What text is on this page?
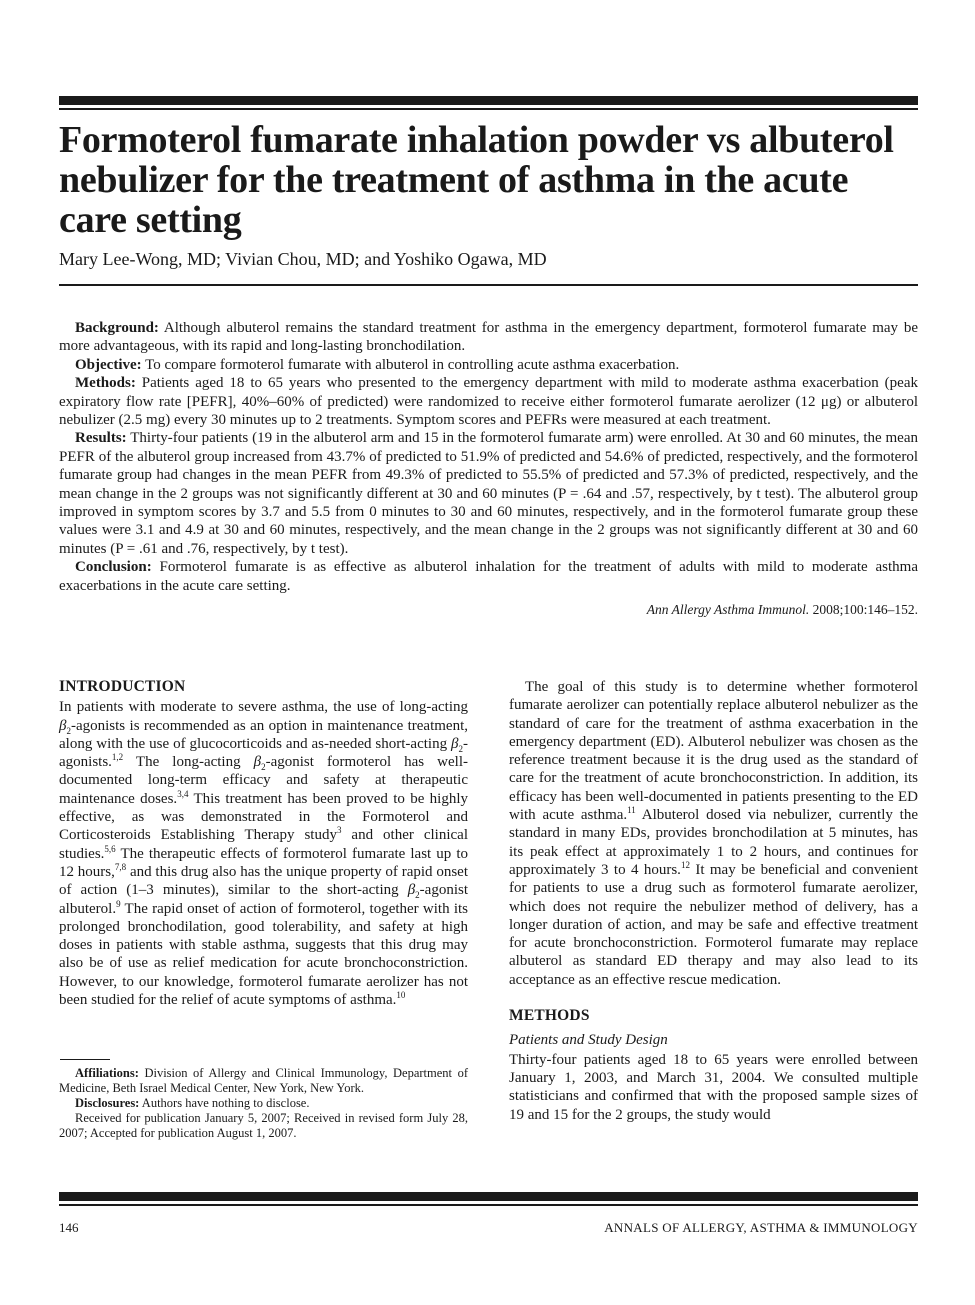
Formoterol fumarate inhalation powder vs albuterol nebulizer for the treatment of asthma in the acute care setting
Mary Lee-Wong, MD; Vivian Chou, MD; and Yoshiko Ogawa, MD

Background: Although albuterol remains the standard treatment for asthma in the emergency department, formoterol fumarate may be more advantageous, with its rapid and long-lasting bronchodilation.

Objective: To compare formoterol fumarate with albuterol in controlling acute asthma exacerbation.

Methods: Patients aged 18 to 65 years who presented to the emergency department with mild to moderate asthma exacerbation (peak expiratory flow rate [PEFR], 40%–60% of predicted) were randomized to receive either formoterol fumarate aerolizer (12 μg) or albuterol nebulizer (2.5 mg) every 30 minutes up to 2 treatments. Symptom scores and PEFRs were measured at each treatment.

Results: Thirty-four patients (19 in the albuterol arm and 15 in the formoterol fumarate arm) were enrolled. At 30 and 60 minutes, the mean PEFR of the albuterol group increased from 43.7% of predicted to 51.9% of predicted and 54.6% of predicted, respectively, and the formoterol fumarate group had changes in the mean PEFR from 49.3% of predicted to 55.5% of predicted and 57.3% of predicted, respectively, and the mean change in the 2 groups was not significantly different at 30 and 60 minutes (P = .64 and .57, respectively, by t test). The albuterol group improved in symptom scores by 3.7 and 5.5 from 0 minutes to 30 and 60 minutes, respectively, and in the formoterol fumarate group these values were 3.1 and 4.9 at 30 and 60 minutes, respectively, and the mean change in the 2 groups was not significantly different at 30 and 60 minutes (P = .61 and .76, respectively, by t test).

Conclusion: Formoterol fumarate is as effective as albuterol inhalation for the treatment of adults with mild to moderate asthma exacerbations in the acute care setting.

Ann Allergy Asthma Immunol. 2008;100:146–152.
INTRODUCTION

In patients with moderate to severe asthma, the use of long-acting $\beta_2$-agonists is recommended as an option in maintenance treatment, along with the use of glucocorticoids and as-needed short-acting $\beta_2-agonists.^{1,2}$ The long-acting $\beta_2$-agonist formoterol has well-documented long-term efficacy and safety at therapeutic maintenance doses.$^{3,4}$ This treatment has been proved to be highly effective, as was demonstrated in the Formoterol and Corticosteroids Establishing Therapy study$^3$ and other clinical studies.$^{5,6}$ The therapeutic effects of formoterol fumarate last up to 12 hours,$^{7,8}$ and this drug also has the unique property of rapid onset of action (1–3 minutes), similar to the short-acting $\beta_2$-agonist albuterol.$^9$ The rapid onset of action of formoterol, together with its prolonged bronchodilation, good tolerability, and safety at high doses in patients with stable asthma, suggests that this drug may also be of use as relief medication for acute bronchoconstriction. However, to our knowledge, formoterol fumarate aerolizer has not been studied for the relief of acute symptoms of asthma.$^{10}$

Affiliations: Division of Allergy and Clinical Immunology, Department of Medicine, Beth Israel Medical Center, New York, New York.

Disclosures: Authors have nothing to disclose.

Received for publication January 5, 2007; Received in revised form July 28, 2007; Accepted for publication August 1, 2007.

The goal of this study is to determine whether formoterol fumarate aerolizer can potentially replace albuterol nebulizer as the standard of care for the treatment of asthma exacerbation in the emergency department (ED). Albuterol nebulizer was chosen as the reference treatment because it is the drug used as the standard of care for the treatment of acute bronchoconstriction. In addition, its efficacy has been well-documented in patients presenting to the ED with acute asthma.$^{11}$ Albuterol dosed via nebulizer, currently the standard in many EDs, provides bronchodilation at 5 minutes, has its peak effect at approximately 1 to 2 hours, and continues for approximately 3 to 4 hours.$^{12}$ It may be beneficial and convenient for patients to use a drug such as formoterol fumarate aerolizer, which does not require the nebulizer method of delivery, has a longer duration of action, and may be safe and effective treatment for acute bronchoconstriction. Formoterol fumarate may replace albuterol as standard ED therapy and may also lead to its acceptance as an effective rescue medication.

METHODS
Patients and Study Design

Thirty-four patients aged 18 to 65 years were enrolled between January 1, 2003, and March 31, 2004. We consulted multiple statisticians and confirmed that with the proposed sample sizes of 19 and 15 for the 2 groups, the study would

146	ANNALS OF ALLERGY, ASTHMA & IMMUNOLOGY
